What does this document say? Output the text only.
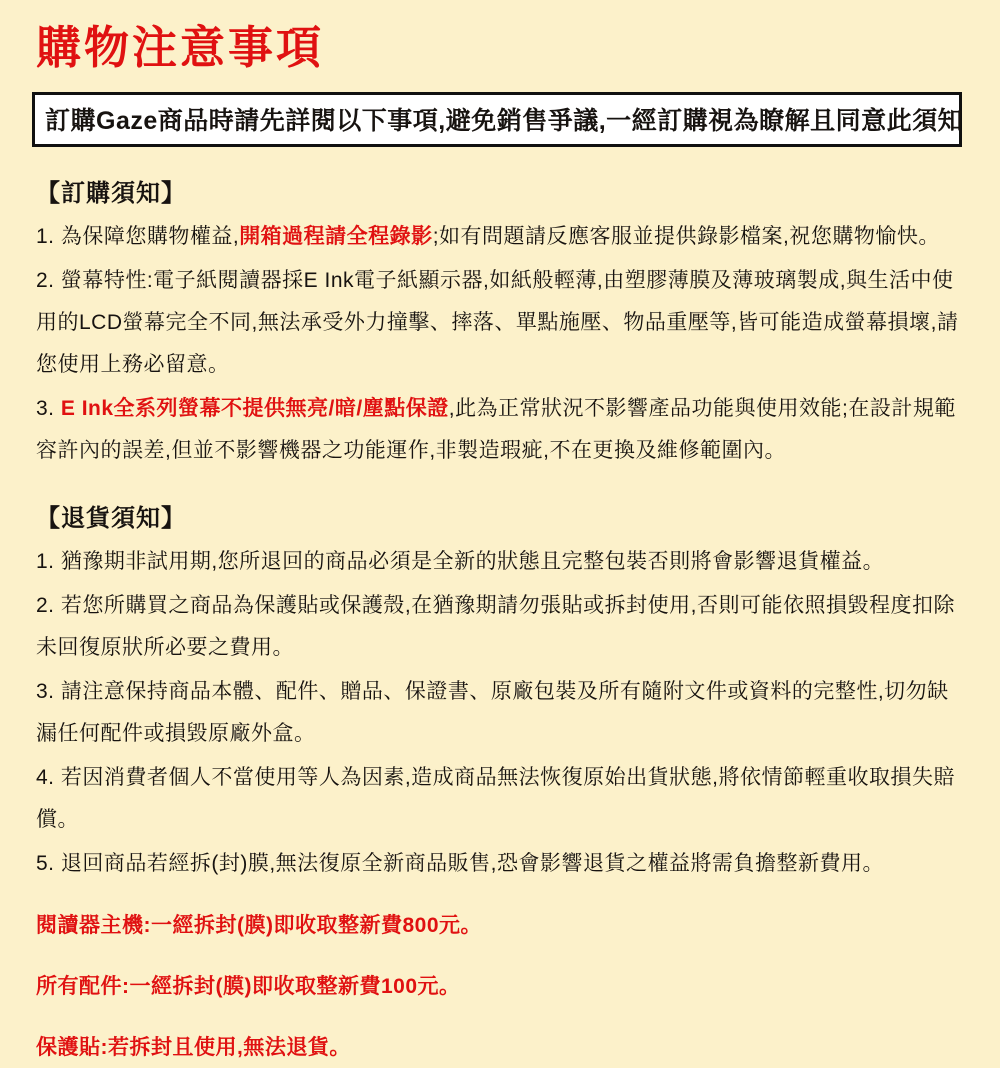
購物注意事項
訂購Gaze商品時請先詳閱以下事項,避免銷售爭議,一經訂購視為瞭解且同意此須知
【訂購須知】

1. 為保障您購物權益,開箱過程請全程錄影;如有問題請反應客服並提供錄影檔案,祝您購物愉快。

2. 螢幕特性:電子紙閱讀器採E Ink電子紙顯示器,如紙般輕薄,由塑膠薄膜及薄玻璃製成,與生活中使用的LCD螢幕完全不同,無法承受外力撞擊、摔落、單點施壓、物品重壓等,皆可能造成螢幕損壞,請您使用上務必留意。

3. E Ink全系列螢幕不提供無亮/暗/塵點保證,此為正常狀況不影響產品功能與使用效能;在設計規範容許內的誤差,但並不影響機器之功能運作,非製造瑕疵,不在更換及維修範圍內。

【退貨須知】

1. 猶豫期非試用期,您所退回的商品必須是全新的狀態且完整包裝否則將會影響退貨權益。

2. 若您所購買之商品為保護貼或保護殼,在猶豫期請勿張貼或拆封使用,否則可能依照損毀程度扣除未回復原狀所必要之費用。

3. 請注意保持商品本體、配件、贈品、保證書、原廠包裝及所有隨附文件或資料的完整性,切勿缺漏任何配件或損毀原廠外盒。

4. 若因消費者個人不當使用等人為因素,造成商品無法恢復原始出貨狀態,將依情節輕重收取損失賠償。

5. 退回商品若經拆(封)膜,無法復原全新商品販售,恐會影響退貨之權益將需負擔整新費用。

閱讀器主機:一經拆封(膜)即收取整新費800元。

所有配件:一經拆封(膜)即收取整新費100元。

保護貼:若拆封且使用,無法退貨。
